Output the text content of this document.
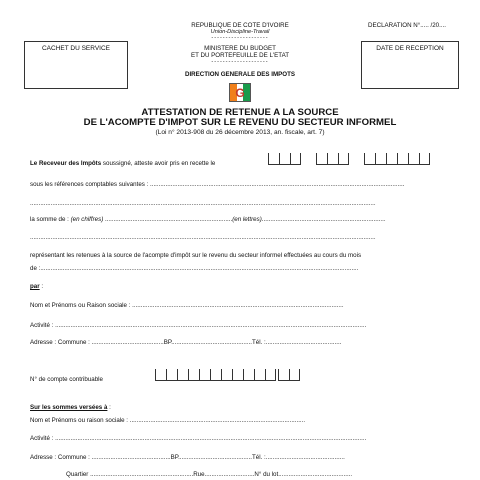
REPUBLIQUE DE COTE D'IVOIRE
Union-Discipline-Travail
--------------------
DECLARATION N°..... /20....
CACHET DU SERVICE	DATE DE RECEPTION
MINISTERE DU BUDGET
ET DU PORTEFEUILLE DE L'ETAT
--------------------
DIRECTION GENERALE DES IMPOTS
G
ATTESTATION DE RETENUE A LA SOURCE
DE L'ACOMPTE D'IMPOT SUR LE REVENU DU SECTEUR INFORMEL
(Loi n° 2013-908 du 26 décembre 2013, an. fiscale, art. 7)
Le Receveur des Impôts soussigné, atteste avoir pris en recette le
sous les références comptables suivantes : ....................................................................................................................................................
.........................................................................................................................................................................................................
la somme de : (en chiffres) ..........................................................................(en lettres)........................................................................
.........................................................................................................................................................................................................
représentant les retenues à la source de l'acompte d'impôt sur le revenu du secteur informel effectuées au cours du mois
de :.........................................................................................................................................................................................
par :
Nom et Prénoms ou Raison sociale : ...........................................................................................................................
Activité : .....................................................................................................................................................................................
Adresse : Commune : ..........................................BP...............................................Tél. :............................................
N° de compte contribuable
Sur les sommes versées à :
Nom et Prénoms ou raison sociale : ......................................................................................................
Activité : .....................................................................................................................................................................................
Adresse : Commune : ..............................................BP...........................................Tél. :..............................................
Quartier ............................................................Rue.............................N° du lot...........................................
